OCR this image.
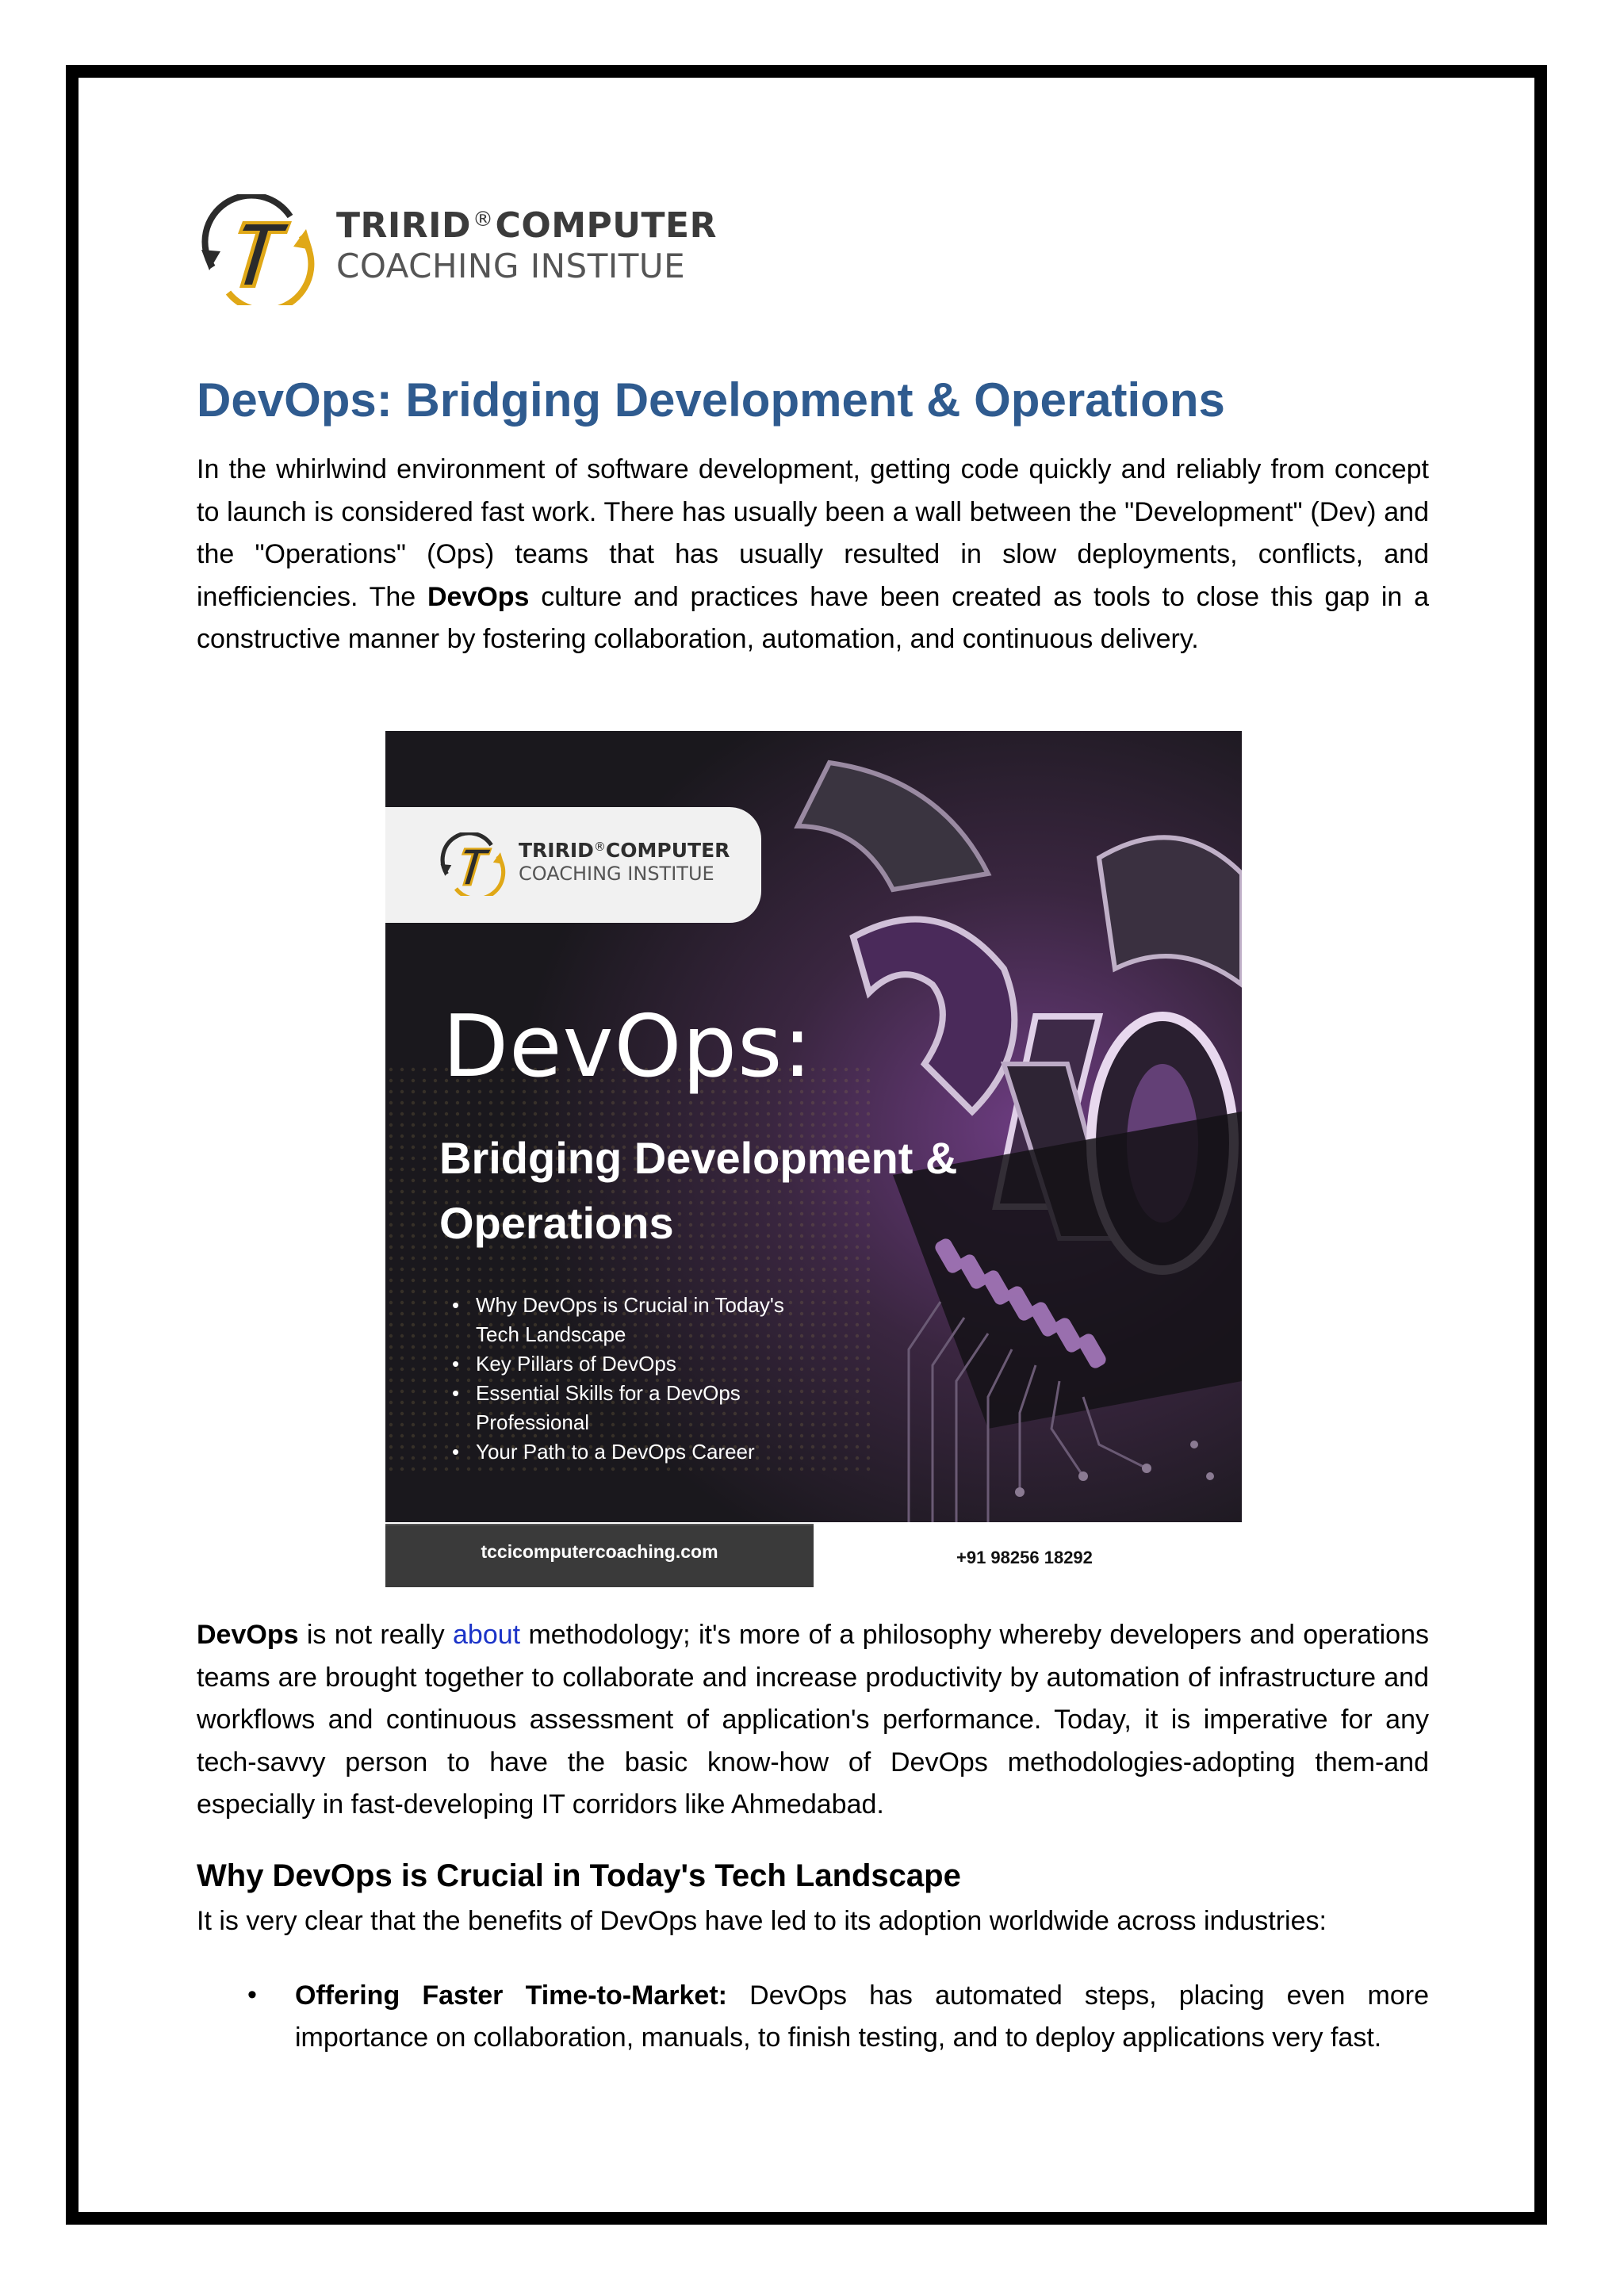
TRIRID®COMPUTER
COACHING INSTITUE
DevOps: Bridging Development & Operations

In the whirlwind environment of software development, getting code quickly and reliably from concept to launch is considered fast work. There has usually been a wall between the "Development" (Dev) and the "Operations" (Ops) teams that has usually resulted in slow deployments, conflicts, and inefficiencies. The DevOps culture and practices have been created as tools to close this gap in a constructive manner by fostering collaboration, automation, and continuous delivery.

TRIRID®COMPUTER
COACHING INSTITUE
DevOps:
Bridging Development & Operations
• Why DevOps is Crucial in Today's Tech Landscape
• Key Pillars of DevOps
• Essential Skills for a DevOps Professional
• Your Path to a DevOps Career
tccicomputercoaching.com	+91 98256 18292

DevOps is not really about methodology; it's more of a philosophy whereby developers and operations teams are brought together to collaborate and increase productivity by automation of infrastructure and workflows and continuous assessment of application's performance. Today, it is imperative for any tech-savvy person to have the basic know-how of DevOps methodologies-adopting them-and especially in fast-developing IT corridors like Ahmedabad.

Why DevOps is Crucial in Today's Tech Landscape

It is very clear that the benefits of DevOps have led to its adoption worldwide across industries:

• Offering Faster Time-to-Market: DevOps has automated steps, placing even more importance on collaboration, manuals, to finish testing, and to deploy applications very fast.
